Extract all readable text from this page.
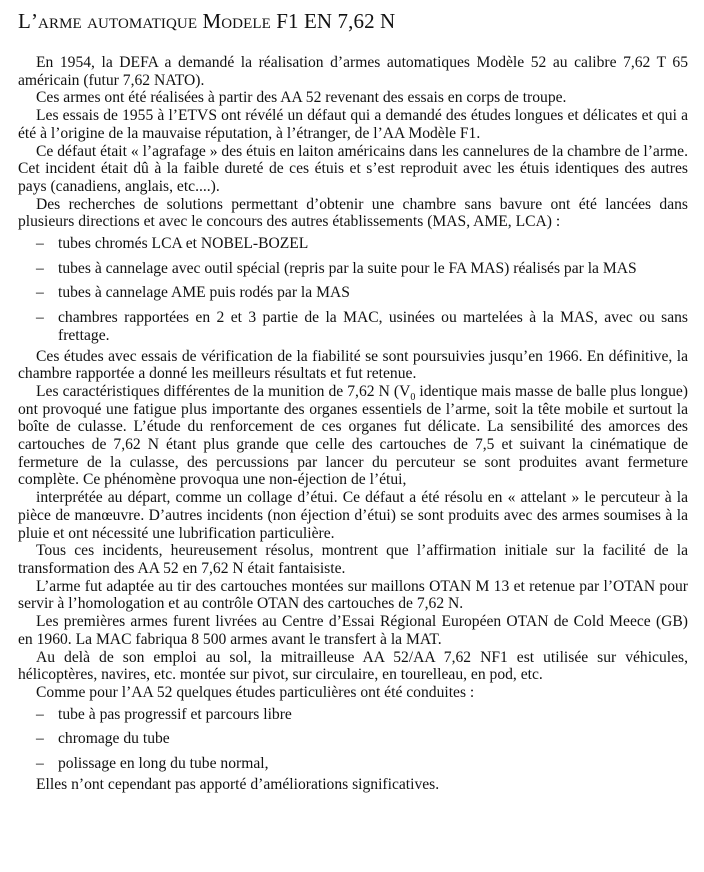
L’arme automatique Modele F1 EN 7,62 N

En 1954, la DEFA a demandé la réalisation d’armes automatiques Modèle 52 au calibre 7,62 T 65 américain (futur 7,62 NATO).

Ces armes ont été réalisées à partir des AA 52 revenant des essais en corps de troupe.

Les essais de 1955 à l’ETVS ont révélé un défaut qui a demandé des études longues et délicates et qui a été à l’origine de la mauvaise réputation, à l’étranger, de l’AA Modèle F1.

Ce défaut était « l’agrafage » des étuis en laiton américains dans les cannelures de la chambre de l’arme. Cet incident était dû à la faible dureté de ces étuis et s’est reproduit avec les étuis identiques des autres pays (canadiens, anglais, etc....).

Des recherches de solutions permettant d’obtenir une chambre sans bavure ont été lancées dans plusieurs directions et avec le concours des autres établissements (MAS, AME, LCA) :

– tubes chromés LCA et NOBEL-BOZEL
– tubes à cannelage avec outil spécial (repris par la suite pour le FA MAS) réalisés par la MAS
– tubes à cannelage AME puis rodés par la MAS
– chambres rapportées en 2 et 3 partie de la MAC, usinées ou martelées à la MAS, avec ou sans frettage.

Ces études avec essais de vérification de la fiabilité se sont poursuivies jusqu’en 1966. En définitive, la chambre rapportée a donné les meilleurs résultats et fut retenue.

Les caractéristiques différentes de la munition de 7,62 N ($V_0$ identique mais masse de balle plus longue) ont provoqué une fatigue plus importante des organes essentiels de l’arme, soit la tête mobile et surtout la boîte de culasse. L’étude du renforcement de ces organes fut délicate. La sensibilité des amorces des cartouches de 7,62 N étant plus grande que celle des cartouches de 7,5 et suivant la cinématique de fermeture de la culasse, des percussions par lancer du percuteur se sont produites avant fermeture complète. Ce phénomène provoqua une non-éjection de l’étui,

interprétée au départ, comme un collage d’étui. Ce défaut a été résolu en « attelant » le percuteur à la pièce de manœuvre. D’autres incidents (non éjection d’étui) se sont produits avec des armes soumises à la pluie et ont nécessité une lubrification particulière.

Tous ces incidents, heureusement résolus, montrent que l’affirmation initiale sur la facilité de la transformation des AA 52 en 7,62 N était fantaisiste.

L’arme fut adaptée au tir des cartouches montées sur maillons OTAN M 13 et retenue par l’OTAN pour servir à l’homologation et au contrôle OTAN des cartouches de 7,62 N.

Les premières armes furent livrées au Centre d’Essai Régional Européen OTAN de Cold Meece (GB) en 1960. La MAC fabriqua 8 500 armes avant le transfert à la MAT.

Au delà de son emploi au sol, la mitrailleuse AA 52/AA 7,62 NF1 est utilisée sur véhicules, hélicoptères, navires, etc. montée sur pivot, sur circulaire, en tourelleau, en pod, etc.

Comme pour l’AA 52 quelques études particulières ont été conduites :

– tube à pas progressif et parcours libre
– chromage du tube
– polissage en long du tube normal,

Elles n’ont cependant pas apporté d’améliorations significatives.
